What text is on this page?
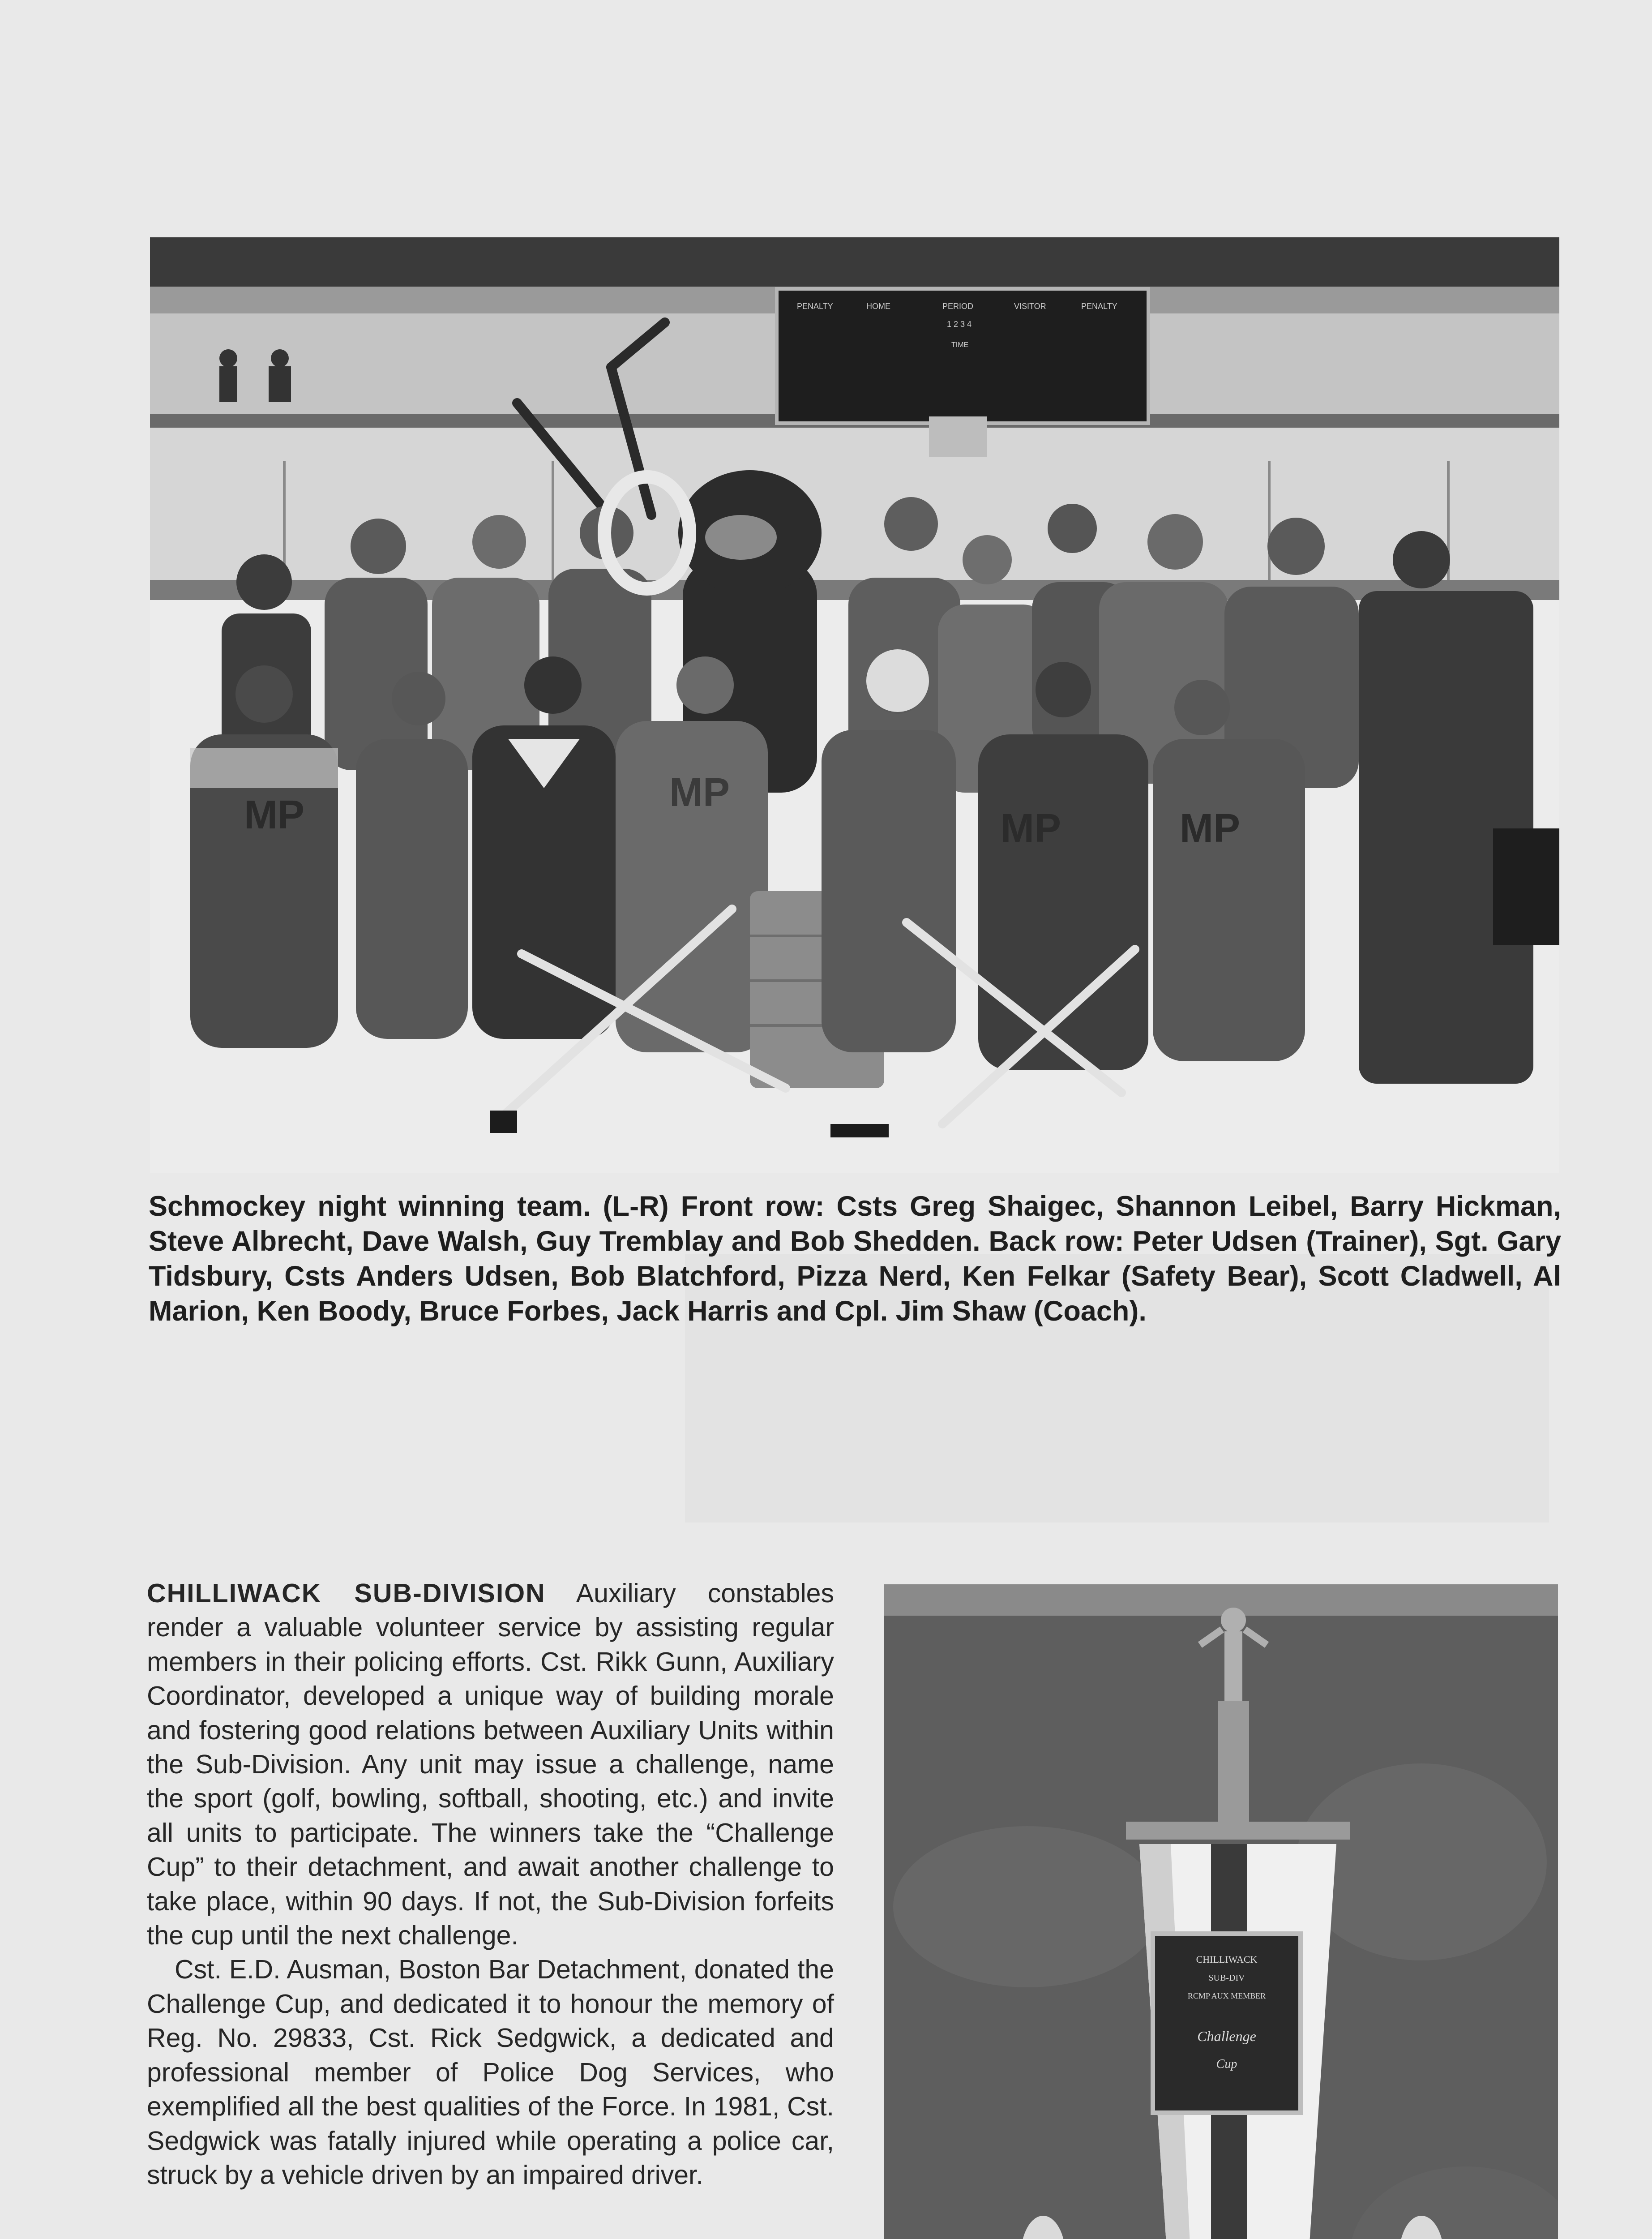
PENALTY	HOME	PERIOD	VISITOR	PENALTY
1 2 3 4
TIME
MP	MP
MP	MP
Schmockey night winning team. (L-R) Front row: Csts Greg Shaigec, Shannon Leibel, Barry Hickman, Steve Albrecht, Dave Walsh, Guy Tremblay and Bob Shedden. Back row: Peter Udsen (Trainer), Sgt. Gary Tidsbury, Csts Anders Udsen, Bob Blatchford, Pizza Nerd, Ken Felkar (Safety Bear), Scott Cladwell, Al Marion, Ken Boody, Bruce Forbes, Jack Harris and Cpl. Jim Shaw (Coach).

CHILLIWACK SUB-DIVISION Auxiliary constables render a valuable volunteer service by assisting regular members in their policing efforts. Cst. Rikk Gunn, Auxiliary Coordinator, developed a unique way of building morale and fostering good relations between Auxiliary Units within the Sub-Division. Any unit may issue a challenge, name the sport (golf, bowling, softball, shooting, etc.) and invite all units to participate. The winners take the “Challenge Cup” to their detachment, and await another challenge to take place, within 90 days. If not, the Sub-Division forfeits the cup until the next challenge.

Cst. E.D. Ausman, Boston Bar Detachment, donated the Challenge Cup, and dedicated it to honour the memory of Reg. No. 29833, Cst. Rick Sedgwick, a dedicated and professional member of Police Dog Services, who exemplified all the best qualities of the Force. In 1981, Cst. Sedgwick was fatally injured while operating a police car, struck by a vehicle driven by an impaired driver.

CHILLIWACK
SUB-DIV
RCMP AUX MEMBER
Challenge
Cup
